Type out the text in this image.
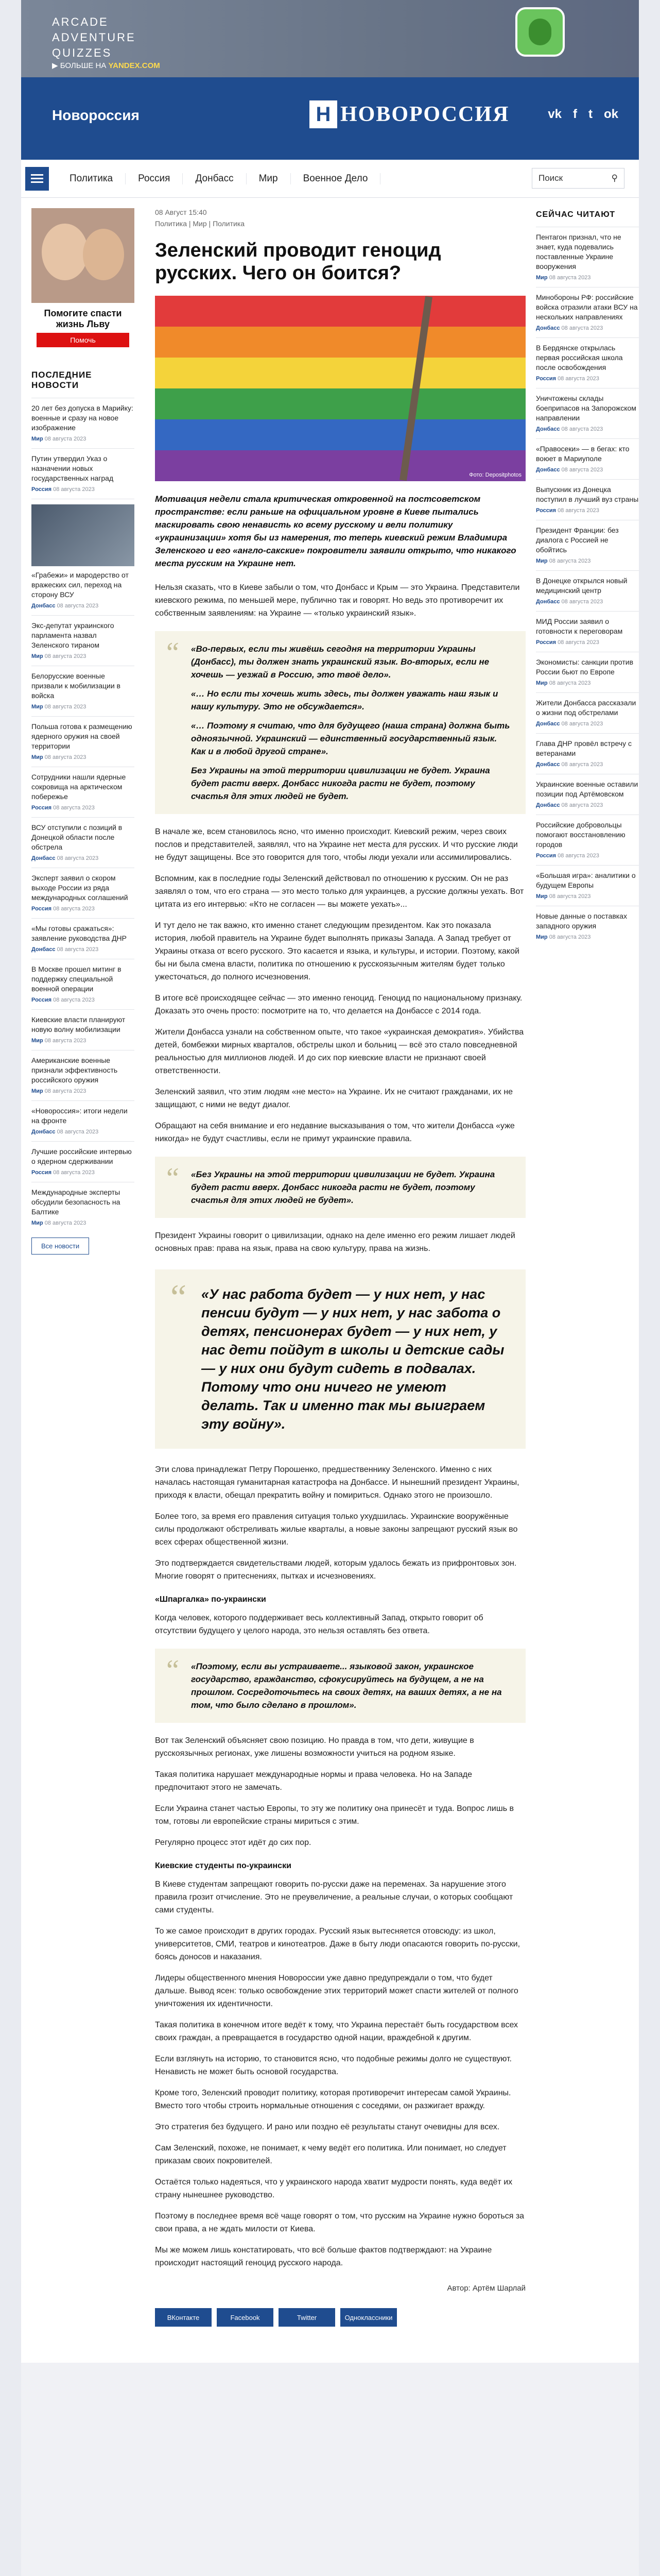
ARCADE
ADVENTURE
QUIZZES
▶ БОЛЬШЕ НА YANDEX.COM
Новороссия	Н НОВОРОССИЯ	vk f t ok
Политика	Россия	Донбасс	Мир	Военное Дело	Поиск	⚲
Помогите спасти жизнь Льву
Помочь
ПОСЛЕДНИЕ НОВОСТИ
20 лет без допуска в Марийку: военные и сразу на новое изображение
Мир 08 августа 2023
Путин утвердил Указ о назначении новых государственных наград
Россия 08 августа 2023
«Грабежи» и мародерство от вражеских сил, переход на сторону ВСУ
Донбасс 08 августа 2023
Экс-депутат украинского парламента назвал Зеленского тираном
Мир 08 августа 2023
Белорусские военные призвали к мобилизации в войска
Мир 08 августа 2023
Польша готова к размещению ядерного оружия на своей территории
Мир 08 августа 2023
Сотрудники нашли ядерные сокровища на арктическом побережье
Россия 08 августа 2023
ВСУ отступили с позиций в Донецкой области после обстрела
Донбасс 08 августа 2023
Эксперт заявил о скором выходе России из ряда международных соглашений
Россия 08 августа 2023
«Мы готовы сражаться»: заявление руководства ДНР
Донбасс 08 августа 2023
В Москве прошел митинг в поддержку специальной военной операции
Россия 08 августа 2023
Киевские власти планируют новую волну мобилизации
Мир 08 августа 2023
Американские военные признали эффективность российского оружия
Мир 08 августа 2023
«Новороссия»: итоги недели на фронте
Донбасс 08 августа 2023
Лучшие российские интервью о ядерном сдерживании
Россия 08 августа 2023
Международные эксперты обсудили безопасность на Балтике
Мир 08 августа 2023
Все новости
08 Август 15:40
Политика | Мир | Политика
Зеленский проводит геноцид русских. Чего он боится?
Фото: Depositphotos
Мотивация недели стала критическая откровенной на постсоветском пространстве: если раньше на официальном уровне в Киеве пытались маскировать свою ненависть ко всему русскому и вели политику «украинизации» хотя бы из намерения, то теперь киевский режим Владимира Зеленского и его «англо-сакские» покровители заявили открыто, что никакого места русским на Украине нет.

Нельзя сказать, что в Киеве забыли о том, что Донбасс и Крым — это Украина. Представители киевского режима, по меньшей мере, публично так и говорят. Но ведь это противоречит их собственным заявлениям: на Украине — «только украинский язык».

“ «Во-первых, если ты живёшь сегодня на территории Украины (Донбасс), ты должен знать украинский язык. Во-вторых, если не хочешь — уезжай в Россию, это твоё дело».

«… Но если ты хочешь жить здесь, ты должен уважать наш язык и нашу культуру. Это не обсуждается».

«… Поэтому я считаю, что для будущего (наша страна) должна быть одноязычной. Украинский — единственный государственный язык. Как и в любой другой стране».

Без Украины на этой территории цивилизации не будет. Украина будет расти вверх. Донбасс никогда расти не будет, поэтому счастья для этих людей не будет.

В начале же, всем становилось ясно, что именно происходит. Киевский режим, через своих послов и представителей, заявлял, что на Украине нет места для русских. И что русские люди не будут защищены. Все это говорится для того, чтобы люди уехали или ассимилировались.

Вспомним, как в последние годы Зеленский действовал по отношению к русским. Он не раз заявлял о том, что его страна — это место только для украинцев, а русские должны уехать. Вот цитата из его интервью: «Кто не согласен — вы можете уехать»...

И тут дело не так важно, кто именно станет следующим президентом. Как это показала история, любой правитель на Украине будет выполнять приказы Запада. А Запад требует от Украины отказа от всего русского. Это касается и языка, и культуры, и истории. Поэтому, какой бы ни была смена власти, политика по отношению к русскоязычным жителям будет только ужесточаться, до полного исчезновения.

В итоге всё происходящее сейчас — это именно геноцид. Геноцид по национальному признаку. Доказать это очень просто: посмотрите на то, что делается на Донбассе с 2014 года.

Жители Донбасса узнали на собственном опыте, что такое «украинская демократия». Убийства детей, бомбежки мирных кварталов, обстрелы школ и больниц — всё это стало повседневной реальностью для миллионов людей. И до сих пор киевские власти не признают своей ответственности.

Зеленский заявил, что этим людям «не место» на Украине. Их не считают гражданами, их не защищают, с ними не ведут диалог.

Обращают на себя внимание и его недавние высказывания о том, что жители Донбасса «уже никогда» не будут счастливы, если не примут украинские правила.

“ «Без Украины на этой территории цивилизации не будет. Украина будет расти вверх. Донбасс никогда расти не будет, поэтому счастья для этих людей не будет».

Президент Украины говорит о цивилизации, однако на деле именно его режим лишает людей основных прав: права на язык, права на свою культуру, права на жизнь.

“ «У нас работа будет — у них нет, у нас пенсии будут — у них нет, у нас забота о детях, пенсионерах будет — у них нет, у нас дети пойдут в школы и детские сады — у них они будут сидеть в подвалах. Потому что они ничего не умеют делать. Так и именно так мы выиграем эту войну».

Эти слова принадлежат Петру Порошенко, предшественнику Зеленского. Именно с них началась настоящая гуманитарная катастрофа на Донбассе. И нынешний президент Украины, приходя к власти, обещал прекратить войну и помириться. Однако этого не произошло.

Более того, за время его правления ситуация только ухудшилась. Украинские вооружённые силы продолжают обстреливать жилые кварталы, а новые законы запрещают русский язык во всех сферах общественной жизни.

Это подтверждается свидетельствами людей, которым удалось бежать из прифронтовых зон. Многие говорят о притеснениях, пытках и исчезновениях.

«Шпаргалка» по-украински

Когда человек, которого поддерживает весь коллективный Запад, открыто говорит об отсутствии будущего у целого народа, это нельзя оставлять без ответа.

“ «Поэтому, если вы устраиваете... языковой закон, украинское государство, гражданство, сфокусируйтесь на будущем, а не на прошлом. Сосредоточьтесь на своих детях, на ваших детях, а не на том, что было сделано в прошлом».

Вот так Зеленский объясняет свою позицию. Но правда в том, что дети, живущие в русскоязычных регионах, уже лишены возможности учиться на родном языке.

Такая политика нарушает международные нормы и права человека. Но на Западе предпочитают этого не замечать.

Если Украина станет частью Европы, то эту же политику она принесёт и туда. Вопрос лишь в том, готовы ли европейские страны мириться с этим.

Регулярно процесс этот идёт до сих пор.

Киевские студенты по-украински

В Киеве студентам запрещают говорить по-русски даже на переменах. За нарушение этого правила грозит отчисление. Это не преувеличение, а реальные случаи, о которых сообщают сами студенты.

То же самое происходит в других городах. Русский язык вытесняется отовсюду: из школ, университетов, СМИ, театров и кинотеатров. Даже в быту люди опасаются говорить по-русски, боясь доносов и наказания.

Лидеры общественного мнения Новороссии уже давно предупреждали о том, что будет дальше. Вывод ясен: только освобождение этих территорий может спасти жителей от полного уничтожения их идентичности.

Такая политика в конечном итоге ведёт к тому, что Украина перестаёт быть государством всех своих граждан, а превращается в государство одной нации, враждебной к другим.

Если взглянуть на историю, то становится ясно, что подобные режимы долго не существуют. Ненависть не может быть основой государства.

Кроме того, Зеленский проводит политику, которая противоречит интересам самой Украины. Вместо того чтобы строить нормальные отношения с соседями, он разжигает вражду.

Это стратегия без будущего. И рано или поздно её результаты станут очевидны для всех.

Сам Зеленский, похоже, не понимает, к чему ведёт его политика. Или понимает, но следует приказам своих покровителей.

Остаётся только надеяться, что у украинского народа хватит мудрости понять, куда ведёт их страну нынешнее руководство.

Поэтому в последнее время всё чаще говорят о том, что русским на Украине нужно бороться за свои права, а не ждать милости от Киева.

Мы же можем лишь констатировать, что всё больше фактов подтверждают: на Украине происходит настоящий геноцид русского народа.

Автор: Артём Шарлай
ВКонтакте	Facebook	Twitter	Одноклассники
СЕЙЧАС ЧИТАЮТ
Пентагон признал, что не знает, куда подевались поставленные Украине вооружения
Мир 08 августа 2023
Минобороны РФ: российские войска отразили атаки ВСУ на нескольких направлениях
Донбасс 08 августа 2023
В Бердянске открылась первая российская школа после освобождения
Россия 08 августа 2023
Уничтожены склады боеприпасов на Запорожском направлении
Донбасс 08 августа 2023
«Правосеки» — в бегах: кто воюет в Мариуполе
Донбасс 08 августа 2023
Выпускник из Донецка поступил в лучший вуз страны
Россия 08 августа 2023
Президент Франции: без диалога с Россией не обойтись
Мир 08 августа 2023
В Донецке открылся новый медицинский центр
Донбасс 08 августа 2023
МИД России заявил о готовности к переговорам
Россия 08 августа 2023
Экономисты: санкции против России бьют по Европе
Мир 08 августа 2023
Жители Донбасса рассказали о жизни под обстрелами
Донбасс 08 августа 2023
Глава ДНР провёл встречу с ветеранами
Донбасс 08 августа 2023
Украинские военные оставили позиции под Артёмовском
Донбасс 08 августа 2023
Российские добровольцы помогают восстановлению городов
Россия 08 августа 2023
«Большая игра»: аналитики о будущем Европы
Мир 08 августа 2023
Новые данные о поставках западного оружия
Мир 08 августа 2023
